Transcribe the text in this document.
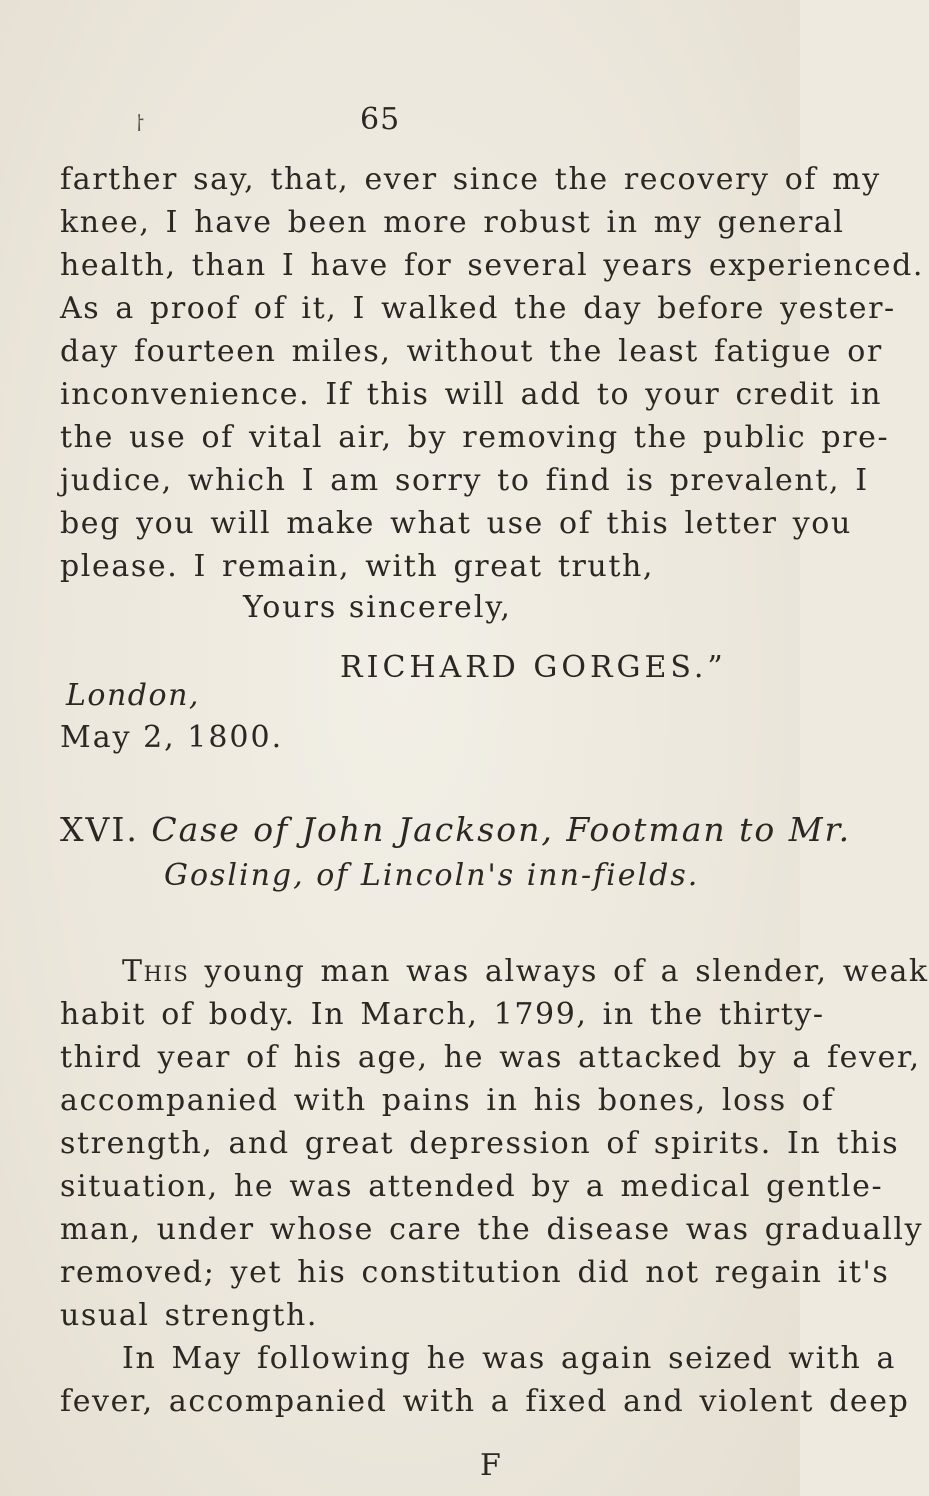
⸷	65
farther say, that, ever since the recovery of my
knee, I have been more robust in my general
health, than I have for several years experienced.
As a proof of it, I walked the day before yester-
day fourteen miles, without the least fatigue or
inconvenience. If this will add to your credit in
the use of vital air, by removing the public pre-
judice, which I am sorry to find is prevalent, I
beg you will make what use of this letter you
please. I remain, with great truth,
Yours sincerely,
RICHARD GORGES.”
London,
May 2, 1800.
XVI. Case of John Jackson, Footman to Mr.
Gosling, of Lincoln's inn-fields.
This young man was always of a slender, weak
habit of body. In March, 1799, in the thirty-
third year of his age, he was attacked by a fever,
accompanied with pains in his bones, loss of
strength, and great depression of spirits. In this
situation, he was attended by a medical gentle-
man, under whose care the disease was gradually
removed; yet his constitution did not regain it's
usual strength.
In May following he was again seized with a
fever, accompanied with a fixed and violent deep
F
